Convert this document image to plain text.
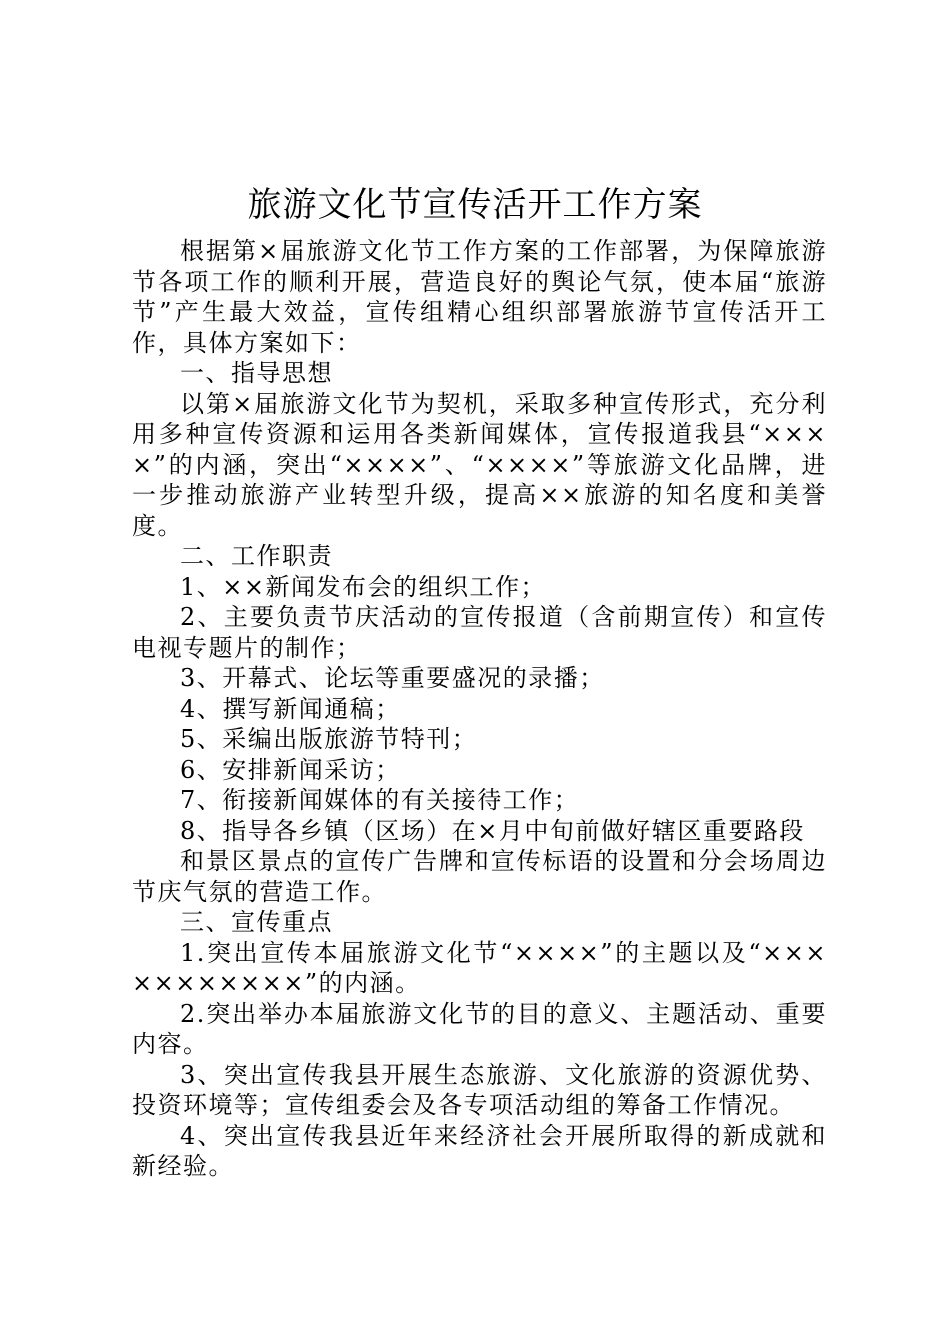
旅游文化节宣传活开工作方案

根据第×届旅游文化节工作方案的工作部署，为保障旅游节各项工作的顺利开展，营造良好的舆论气氛，使本届“旅游节”产生最大效益，宣传组精心组织部署旅游节宣传活开工作，具体方案如下：

一、指导思想

以第×届旅游文化节为契机，采取多种宣传形式，充分利用多种宣传资源和运用各类新闻媒体，宣传报道我县“××××”的内涵，突出“××××”、“××××”等旅游文化品牌，进一步推动旅游产业转型升级，提高××旅游的知名度和美誉度。

二、工作职责

1、××新闻发布会的组织工作；

2、主要负责节庆活动的宣传报道（含前期宣传）和宣传电视专题片的制作；

3、开幕式、论坛等重要盛况的录播；

4、撰写新闻通稿；

5、采编出版旅游节特刊；

6、安排新闻采访；

7、衔接新闻媒体的有关接待工作；

8、指导各乡镇（区场）在×月中旬前做好辖区重要路段

和景区景点的宣传广告牌和宣传标语的设置和分会场周边节庆气氛的营造工作。

三、宣传重点

1.突出宣传本届旅游文化节“××××”的主题以及“×××××××××××”的内涵。

2.突出举办本届旅游文化节的目的意义、主题活动、重要内容。

3、突出宣传我县开展生态旅游、文化旅游的资源优势、投资环境等；宣传组委会及各专项活动组的筹备工作情况。

4、突出宣传我县近年来经济社会开展所取得的新成就和新经验。
